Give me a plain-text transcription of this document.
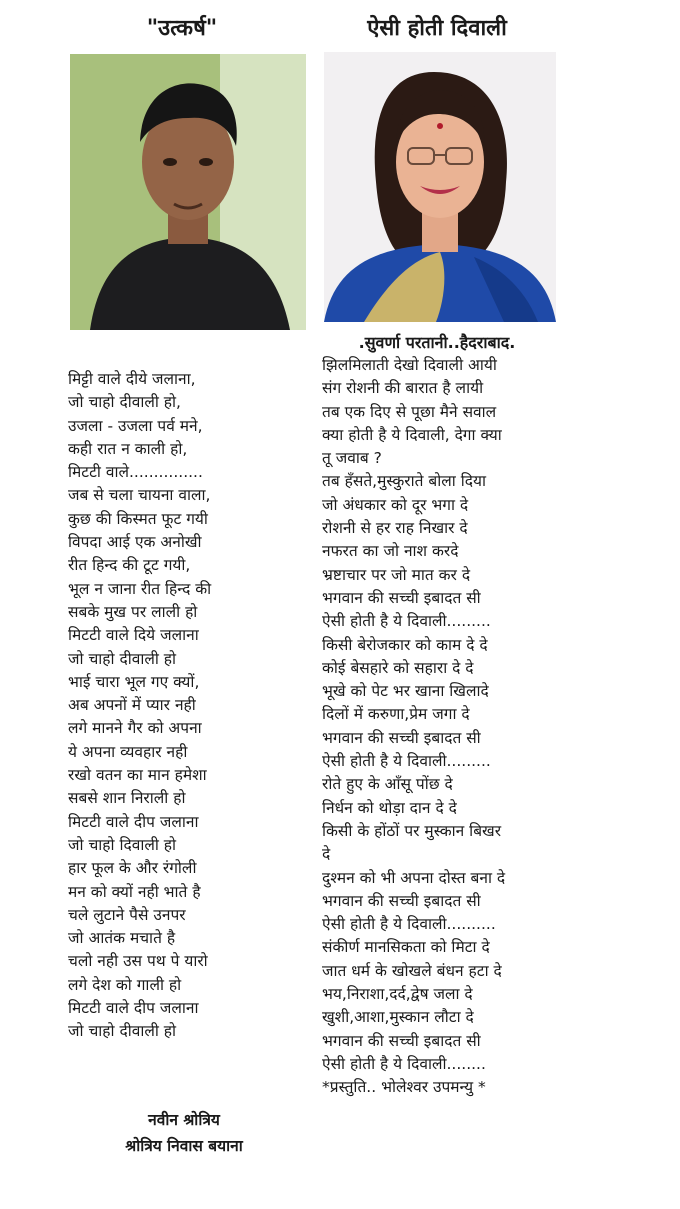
"उत्कर्ष"
मिट्टी वाले दीये जलाना,
जो चाहो दीवाली हो,
उजला - उजला पर्व मने,
कही रात न काली हो,
मिटटी वाले...............
जब से चला चायना वाला,
कुछ की किस्मत फूट गयी
विपदा आई एक अनोखी
रीत हिन्द की टूट गयी,
भूल न जाना रीत हिन्द की
सबके मुख पर लाली हो
मिटटी वाले दिये जलाना
जो चाहो दीवाली हो
भाई चारा भूल गए क्यों,
अब अपनों में प्यार नही
लगे मानने गैर को अपना
ये अपना व्यवहार नही
रखो वतन का मान हमेशा
सबसे शान निराली हो
मिटटी वाले दीप जलाना
जो चाहो दिवाली हो
हार फूल के और रंगोली
मन को क्यों नही भाते है
चले लुटाने पैसे उनपर
जो आतंक मचाते है
चलो नही उस पथ पे यारो
लगे देश को गाली हो
मिटटी वाले दीप जलाना
जो चाहो दीवाली हो
नवीन श्रोत्रिय
श्रोत्रिय निवास बयाना
ऐसी होती दिवाली
.सुवर्णा परतानी..हैदराबाद.
झिलमिलाती देखो दिवाली आयी
संग रोशनी की बारात है लायी
तब एक दिए से पूछा मैने सवाल
क्या होती है ये दिवाली, देगा क्या
तू जवाब ?
तब हँसते,मुस्कुराते बोला दिया
जो अंधकार को दूर भगा दे
रोशनी से हर राह निखार दे
नफरत का जो नाश करदे
भ्रष्टाचार पर जो मात कर दे
भगवान की सच्ची इबादत सी
ऐसी होती है ये दिवाली.........
किसी बेरोजकार को काम दे दे
कोई बेसहारे को सहारा दे दे
भूखे को पेट भर खाना खिलादे
दिलों में करुणा,प्रेम जगा दे
भगवान की सच्ची इबादत सी
ऐसी होती है ये दिवाली.........
रोते हुए के आँसू पोंछ दे
निर्धन को थोड़ा दान दे दे
किसी के होंठों पर मुस्कान बिखर
दे
दुश्मन को भी अपना दोस्त बना दे
भगवान की सच्ची इबादत सी
ऐसी होती है ये दिवाली..........
संकीर्ण मानसिकता को मिटा दे
जात धर्म के खोखले बंधन हटा दे
भय,निराशा,दर्द,द्वेष जला दे
खुशी,आशा,मुस्कान लौटा दे
भगवान की सच्ची इबादत सी
ऐसी होती है ये दिवाली........
*प्रस्तुति.. भोलेश्वर उपमन्यु *
